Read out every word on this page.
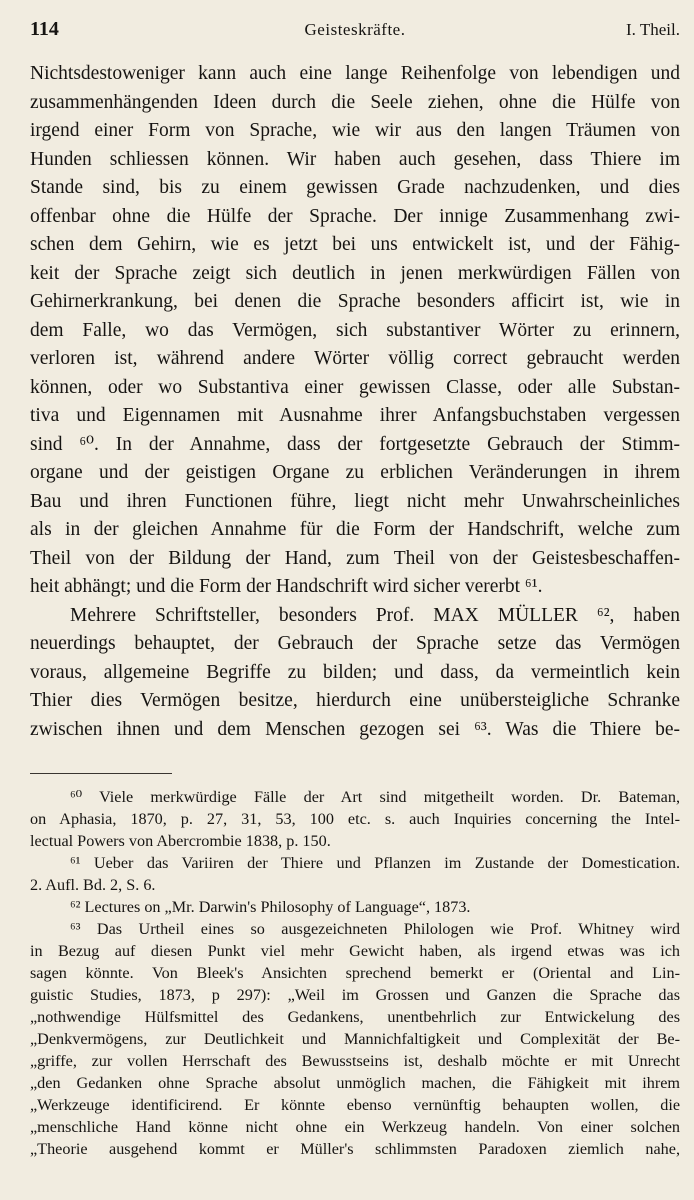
114	Geisteskräfte.	I. Theil.
Nichtsdestoweniger kann auch eine lange Reihenfolge von lebendigen und
zusammenhängenden Ideen durch die Seele ziehen, ohne die Hülfe von
irgend einer Form von Sprache, wie wir aus den langen Träumen von
Hunden schliessen können. Wir haben auch gesehen, dass Thiere im
Stande sind, bis zu einem gewissen Grade nachzudenken, und dies
offenbar ohne die Hülfe der Sprache. Der innige Zusammenhang zwi-
schen dem Gehirn, wie es jetzt bei uns entwickelt ist, und der Fähig-
keit der Sprache zeigt sich deutlich in jenen merkwürdigen Fällen von
Gehirnerkrankung, bei denen die Sprache besonders afficirt ist, wie in
dem Falle, wo das Vermögen, sich substantiver Wörter zu erinnern,
verloren ist, während andere Wörter völlig correct gebraucht werden
können, oder wo Substantiva einer gewissen Classe, oder alle Substan-
tiva und Eigennamen mit Ausnahme ihrer Anfangsbuchstaben vergessen
sind ⁶⁰. In der Annahme, dass der fortgesetzte Gebrauch der Stimm-
organe und der geistigen Organe zu erblichen Veränderungen in ihrem
Bau und ihren Functionen führe, liegt nicht mehr Unwahrscheinliches
als in der gleichen Annahme für die Form der Handschrift, welche zum
Theil von der Bildung der Hand, zum Theil von der Geistesbeschaffen-
heit abhängt; und die Form der Handschrift wird sicher vererbt ⁶¹.
Mehrere Schriftsteller, besonders Prof. MAX MÜLLER ⁶², haben
neuerdings behauptet, der Gebrauch der Sprache setze das Vermögen
voraus, allgemeine Begriffe zu bilden; und dass, da vermeintlich kein
Thier dies Vermögen besitze, hierdurch eine unübersteigliche Schranke
zwischen ihnen und dem Menschen gezogen sei ⁶³. Was die Thiere be-
⁶⁰ Viele merkwürdige Fälle der Art sind mitgetheilt worden. Dr. Bateman,
on Aphasia, 1870, p. 27, 31, 53, 100 etc. s. auch Inquiries concerning the Intel-
lectual Powers von Abercrombie 1838, p. 150.
⁶¹ Ueber das Variiren der Thiere und Pflanzen im Zustande der Domestication.
2. Aufl. Bd. 2, S. 6.
⁶² Lectures on „Mr. Darwin's Philosophy of Language“, 1873.
⁶³ Das Urtheil eines so ausgezeichneten Philologen wie Prof. Whitney wird
in Bezug auf diesen Punkt viel mehr Gewicht haben, als irgend etwas was ich
sagen könnte. Von Bleek's Ansichten sprechend bemerkt er (Oriental and Lin-
guistic Studies, 1873, p 297): „Weil im Grossen und Ganzen die Sprache das
„nothwendige Hülfsmittel des Gedankens, unentbehrlich zur Entwickelung des
„Denkvermögens, zur Deutlichkeit und Mannichfaltigkeit und Complexität der Be-
„griffe, zur vollen Herrschaft des Bewusstseins ist, deshalb möchte er mit Unrecht
„den Gedanken ohne Sprache absolut unmöglich machen, die Fähigkeit mit ihrem
„Werkzeuge identificirend. Er könnte ebenso vernünftig behaupten wollen, die
„menschliche Hand könne nicht ohne ein Werkzeug handeln. Von einer solchen
„Theorie ausgehend kommt er Müller's schlimmsten Paradoxen ziemlich nahe,
